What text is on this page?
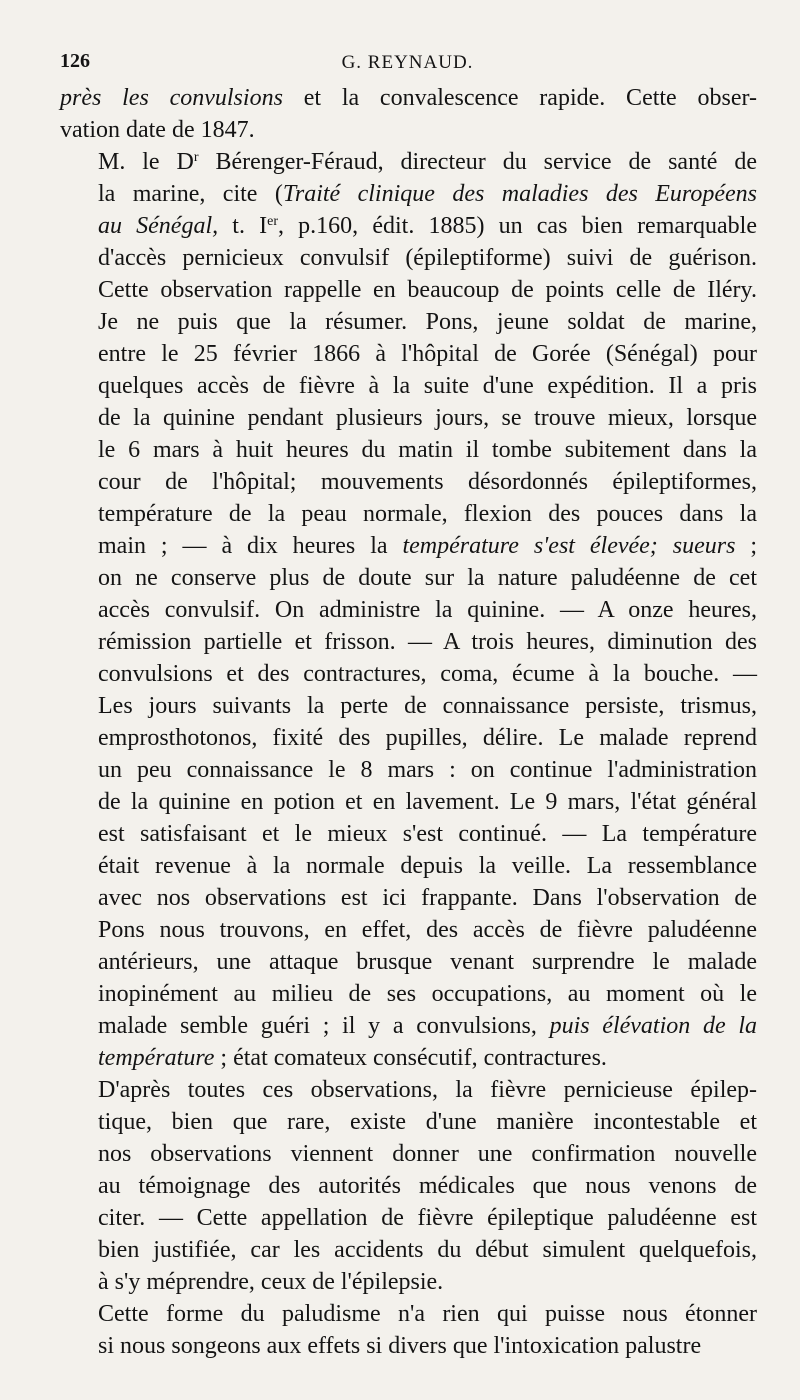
126	G. REYNAUD.

près les convulsions et la convalescence rapide. Cette obser-
vation date de 1847.

M. le $D^r$ Bérenger-Féraud, directeur du service de santé de
la marine, cite (Traité clinique des maladies des Européens
au Sénégal, t. Ier, p.160, édit. 1885) un cas bien remarquable
d'accès pernicieux convulsif (épileptiforme) suivi de guérison.
Cette observation rappelle en beaucoup de points celle de Iléry.
Je ne puis que la résumer. Pons, jeune soldat de marine,
entre le 25 février 1866 à l'hôpital de Gorée (Sénégal) pour
quelques accès de fièvre à la suite d'une expédition. Il a pris
de la quinine pendant plusieurs jours, se trouve mieux, lorsque
le 6 mars à huit heures du matin il tombe subitement dans la
cour de l'hôpital; mouvements désordonnés épileptiformes,
température de la peau normale, flexion des pouces dans la
main ; — à dix heures la température s'est élevée; sueurs ;
on ne conserve plus de doute sur la nature paludéenne de cet
accès convulsif. On administre la quinine. — A onze heures,
rémission partielle et frisson. — A trois heures, diminution des
convulsions et des contractures, coma, écume à la bouche. —
Les jours suivants la perte de connaissance persiste, trismus,
emprosthotonos, fixité des pupilles, délire. Le malade reprend
un peu connaissance le 8 mars : on continue l'administration
de la quinine en potion et en lavement. Le 9 mars, l'état général
est satisfaisant et le mieux s'est continué. — La température
était revenue à la normale depuis la veille. La ressemblance
avec nos observations est ici frappante. Dans l'observation de
Pons nous trouvons, en effet, des accès de fièvre paludéenne
antérieurs, une attaque brusque venant surprendre le malade
inopinément au milieu de ses occupations, au moment où le
malade semble guéri ; il y a convulsions, puis élévation de la
température ; état comateux consécutif, contractures.

D'après toutes ces observations, la fièvre pernicieuse épilep-
tique, bien que rare, existe d'une manière incontestable et
nos observations viennent donner une confirmation nouvelle
au témoignage des autorités médicales que nous venons de
citer. — Cette appellation de fièvre épileptique paludéenne est
bien justifiée, car les accidents du début simulent quelquefois,
à s'y méprendre, ceux de l'épilepsie.

Cette forme du paludisme n'a rien qui puisse nous étonner
si nous songeons aux effets si divers que l'intoxication palustre
